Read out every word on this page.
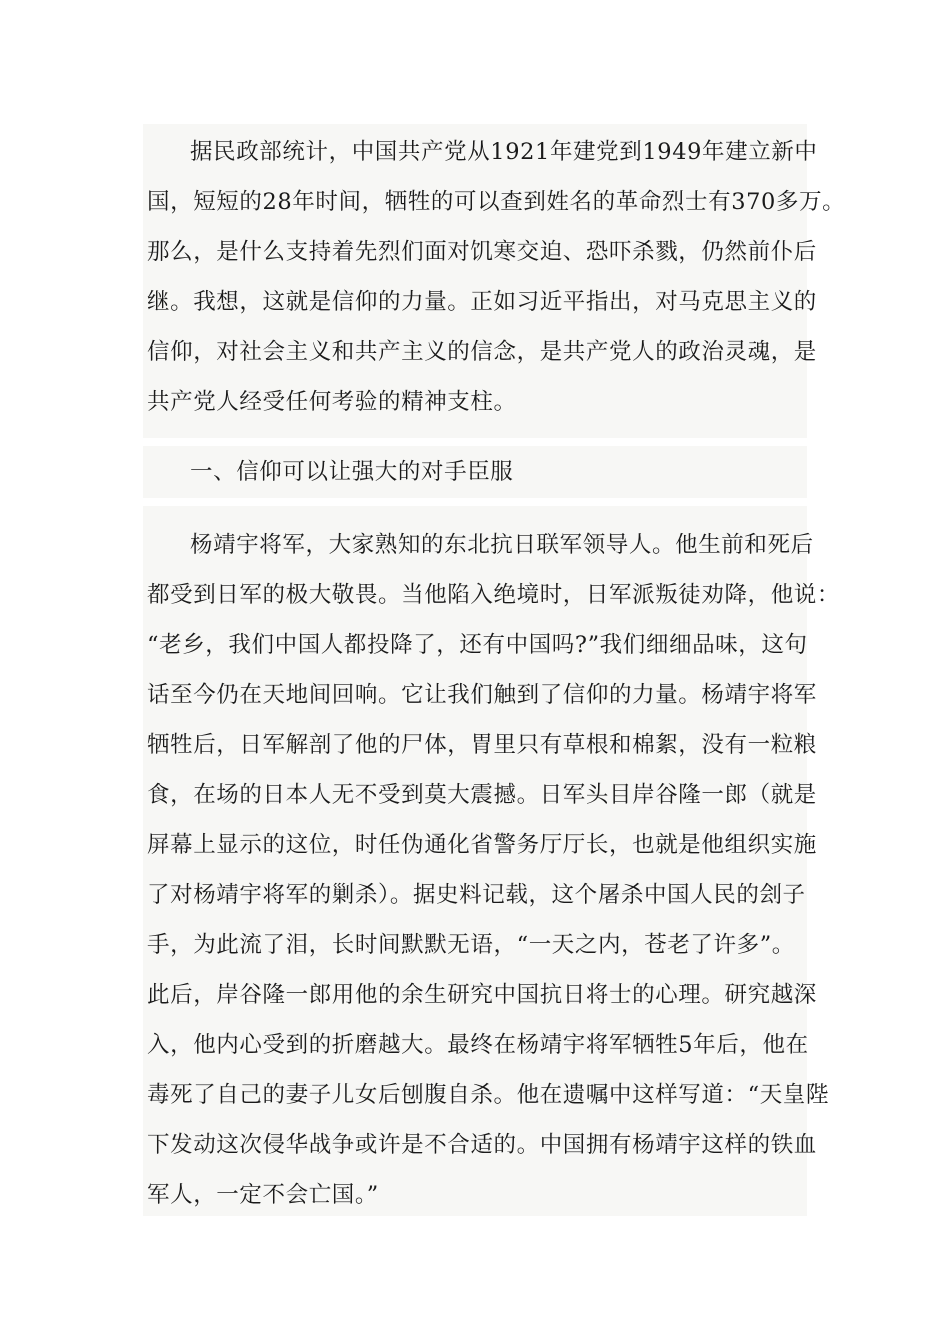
据民政部统计，中国共产党从1921年建党到1949年建立新中
国，短短的28年时间，牺牲的可以查到姓名的革命烈士有370多万。
那么，是什么支持着先烈们面对饥寒交迫、恐吓杀戮，仍然前仆后
继。我想，这就是信仰的力量。正如习近平指出，对马克思主义的
信仰，对社会主义和共产主义的信念，是共产党人的政治灵魂，是
共产党人经受任何考验的精神支柱。
一、信仰可以让强大的对手臣服
杨靖宇将军，大家熟知的东北抗日联军领导人。他生前和死后
都受到日军的极大敬畏。当他陷入绝境时，日军派叛徒劝降，他说：
“老乡，我们中国人都投降了，还有中国吗?”我们细细品味，这句
话至今仍在天地间回响。它让我们触到了信仰的力量。杨靖宇将军
牺牲后，日军解剖了他的尸体，胃里只有草根和棉絮，没有一粒粮
食，在场的日本人无不受到莫大震撼。日军头目岸谷隆一郎（就是
屏幕上显示的这位，时任伪通化省警务厅厅长，也就是他组织实施
了对杨靖宇将军的剿杀）。据史料记载，这个屠杀中国人民的刽子
手，为此流了泪，长时间默默无语，“一天之内，苍老了许多”。
此后，岸谷隆一郎用他的余生研究中国抗日将士的心理。研究越深
入，他内心受到的折磨越大。最终在杨靖宇将军牺牲5年后，他在
毒死了自己的妻子儿女后刨腹自杀。他在遗嘱中这样写道：“天皇陛
下发动这次侵华战争或许是不合适的。中国拥有杨靖宇这样的铁血
军人，一定不会亡国。”
